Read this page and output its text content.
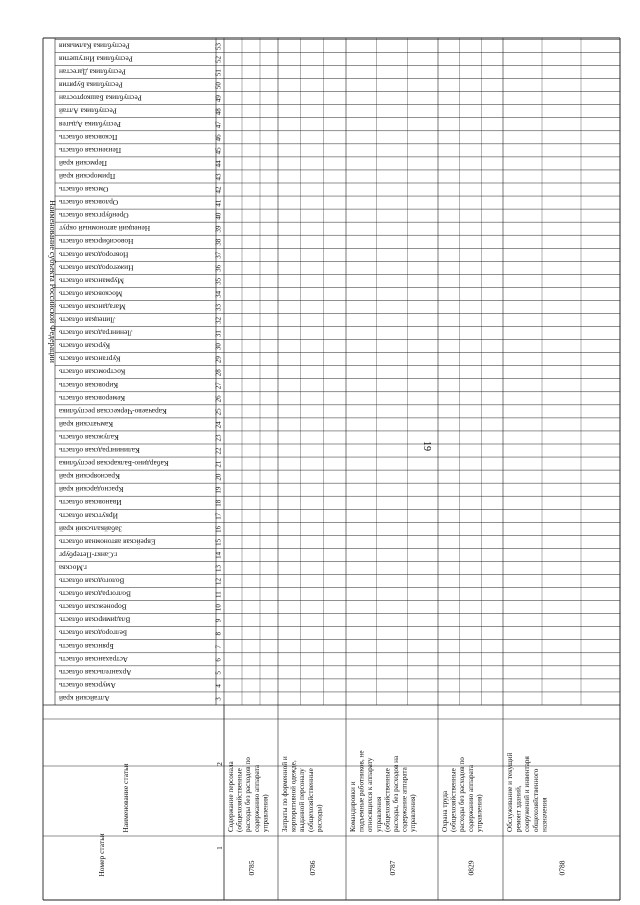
19
Наименование субъекта Российской Федерации
Алтайский край	3
Амурская область	4
Архангельская область	5
Астраханская область	6
Брянская область	7
Белгородская область	8
Владимирская область	9
Воронежская область	10
Волгоградская область	11
Вологодская область	12
г.Москва	13
г.Санкт-Петербург	14
Еврейская автономная область	15
Забайкальский край	16
Иркутская область	17
Ивановская область	18
Краснодарский край	19
Красноярский край	20
Кабардино-Балкарская республика	21
Калининградская область	22
Калужская область	23
Камчатский край	24
Карачаево-Черкесская республика	25
Кемеровская область	26
Кировская область	27
Костромская область	28
Курганская область	29
Курская область	30
Ленинградская область	31
Липецкая область	32
Магаданская область	33
Московская область	34
Мурманская область	35
Нижегородская область	36
Новгородская область	37
Новосибирская область	38
Ненецкий автономный округ	39
Оренбургская область	40
Орловская область	41
Омская область	42
Приморский край	43
Пермский край	44
Пензенская область	45
Псковская область	46
Республика Адыгея	47
Республика Алтай	48
Республика Башкортостан	49
Республика Бурятия	50
Республика Дагестан	51
Республика Ингушетия	52
Республика Калмыкия	53
Наименование статьи	2
Номер статьи	1
Содержание персонала (общехозяйственные расходы без расходов по содержанию аппарата управления)
0785
Затраты по форменной и корпоративной одежде, выданной персоналу (общехозяйственные расходы)
0786
Командировки и подъемные работников, не относящихся к аппарату управления (общехозяйственные расходы, без расходов на содержание аппарата управления)
0787
Охрана труда (общехозяйственные расходы без расходов по содержанию аппарата управления)
0829
Обслуживание и текущий ремонт зданий, сооружений и инвентаря общехозяйственного назначения
0788
